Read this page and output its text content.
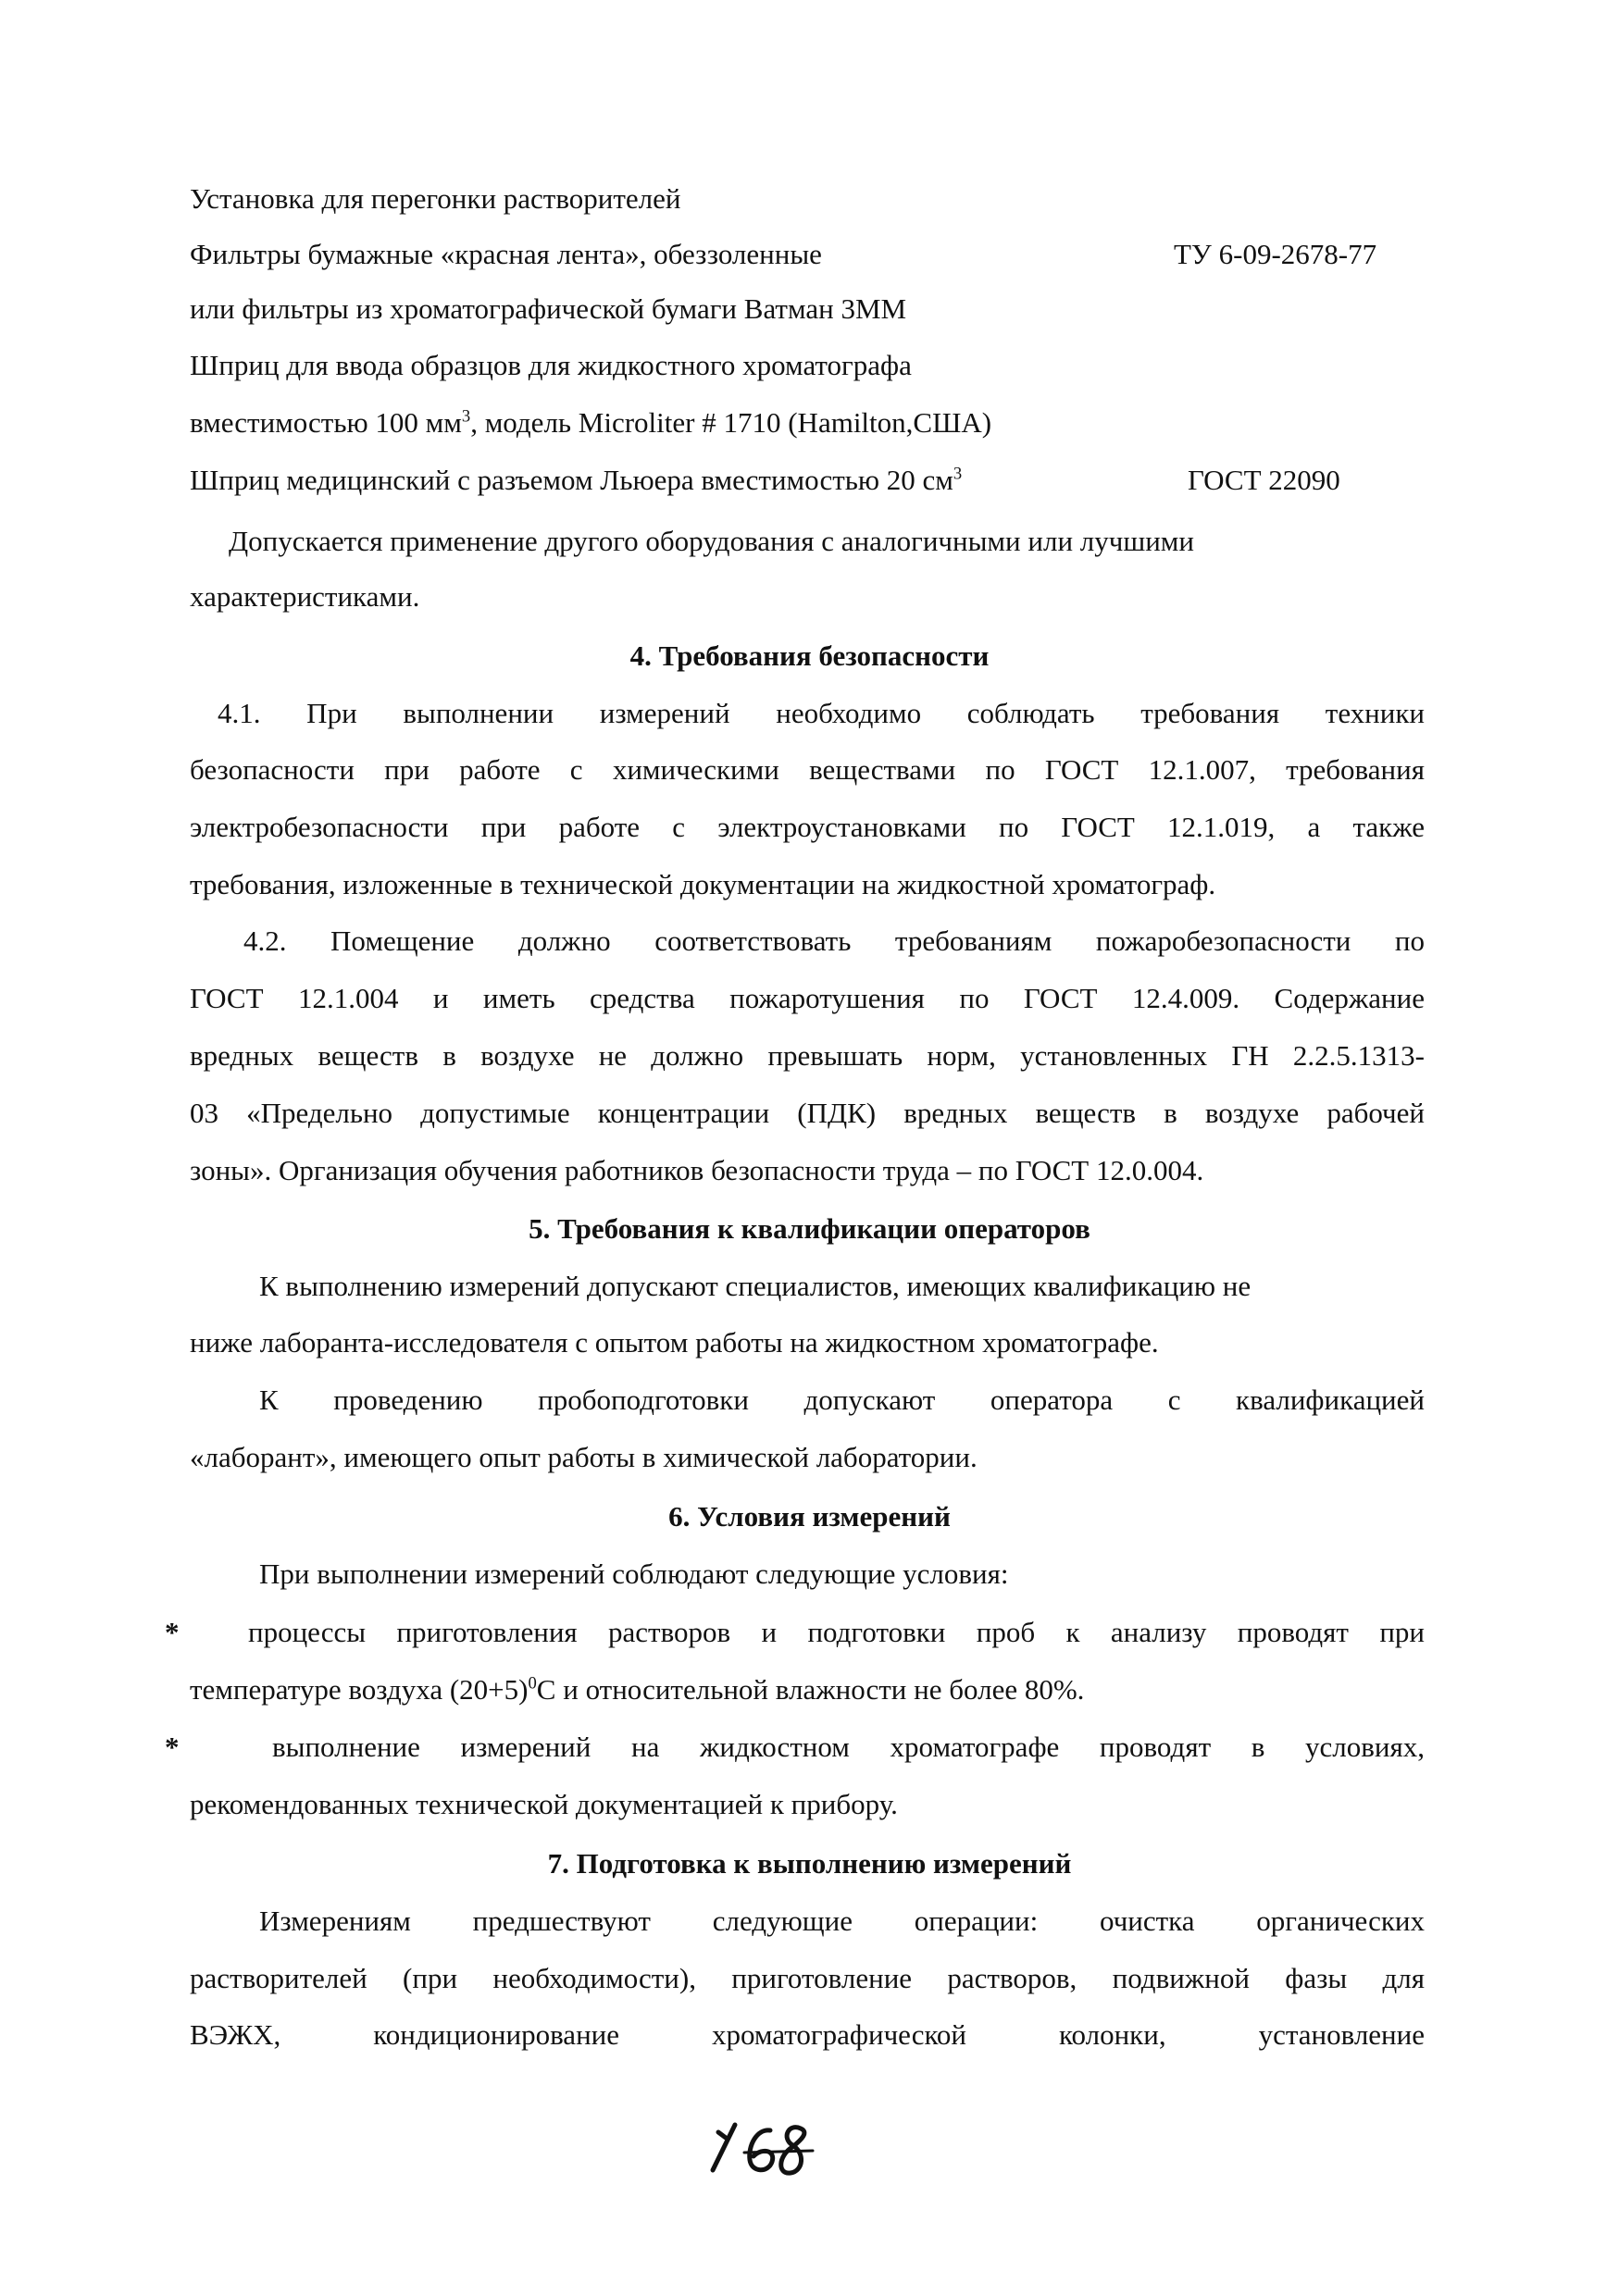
Установка для перегонки растворителей
Фильтры бумажные «красная лента», обеззоленные	ТУ 6-09-2678-77
или фильтры из хроматографической бумаги Ватман 3ММ
Шприц для ввода образцов для жидкостного хроматографа
вместимостью 100 $мм^3$, модель Microliter # 1710 (Hamilton,США)
Шприц медицинский с разъемом Льюера вместимостью 20 $см^3$	ГОСТ 22090
Допускается применение другого оборудования с аналогичными или лучшими
характеристиками.
4. Требования безопасности
4.1. При выполнении измерений необходимо соблюдать требования техники
безопасности при работе с химическими веществами по ГОСТ 12.1.007, требования
электробезопасности при работе с электроустановками по ГОСТ 12.1.019, а также
требования, изложенные в технической документации на жидкостной хроматограф.
4.2. Помещение должно соответствовать требованиям пожаробезопасности по
ГОСТ 12.1.004 и иметь средства пожаротушения по ГОСТ 12.4.009. Содержание
вредных веществ в воздухе не должно превышать норм, установленных ГН 2.2.5.1313-
03 «Предельно допустимые концентрации (ПДК) вредных веществ в воздухе рабочей
зоны». Организация обучения работников безопасности труда – по ГОСТ 12.0.004.
5. Требования к квалификации операторов
К выполнению измерений допускают специалистов, имеющих квалификацию не
ниже лаборанта-исследователя с опытом работы на жидкостном хроматографе.
К проведению пробоподготовки допускают оператора с квалификацией
«лаборант», имеющего опыт работы в химической лаборатории.
6. Условия измерений
При выполнении измерений соблюдают следующие условия:
* процессы приготовления растворов и подготовки проб к анализу проводят при
температуре воздуха $(20+5)^0С$ и относительной влажности не более 80%.
*	выполнение измерений на жидкостном хроматографе проводят в условиях,
рекомендованных технической документацией к прибору.
7. Подготовка к выполнению измерений
Измерениям предшествуют следующие операции: очистка органических
растворителей (при необходимости), приготовление растворов, подвижной фазы для
ВЭЖХ, кондиционирование хроматографической колонки, установление
